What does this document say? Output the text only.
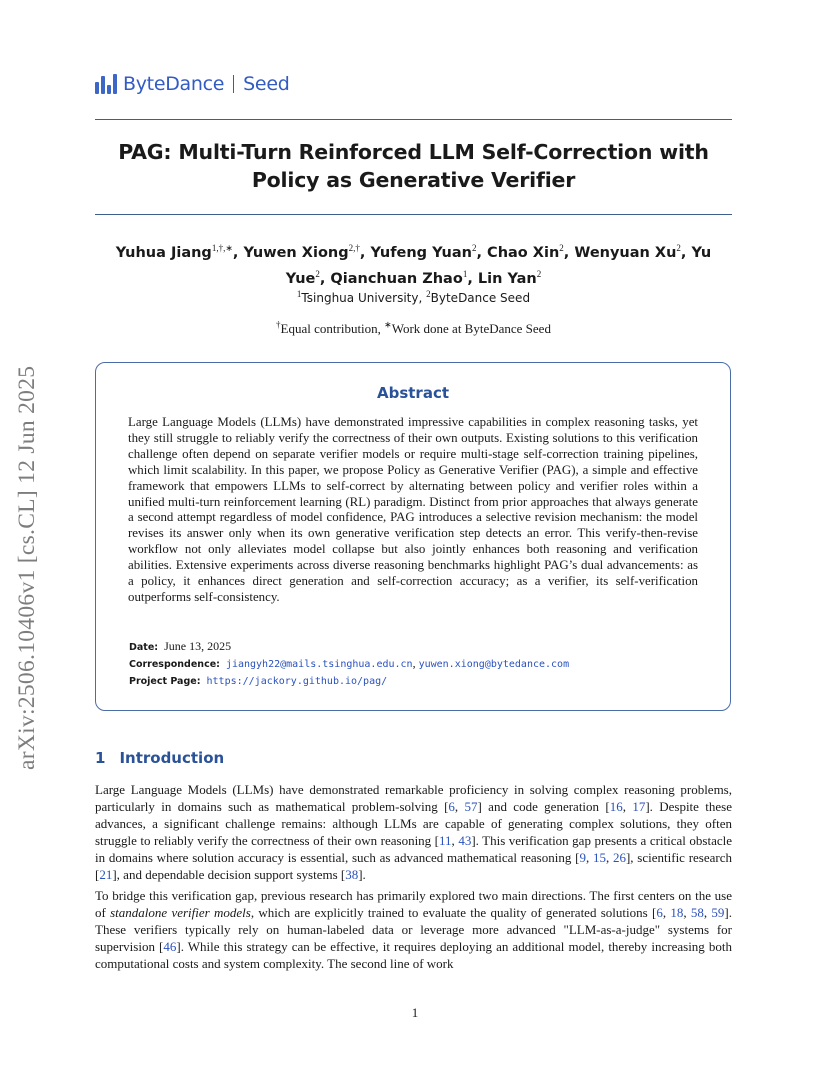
ByteDance Seed
PAG: Multi-Turn Reinforced LLM Self-Correction with
Policy as Generative Verifier
Yuhua Jiang$^{1,\dagger,∗}$, Yuwen Xiong$^{2,\dagger}$, Yufeng Yuan$^2$, Chao Xin$^2$, Wenyuan Xu$^2$, Yu Yue$^2$, Qianchuan Zhao$^1$, Lin Yan$^2$
$^1$Tsinghua University, $^2$ByteDance Seed
†Equal contribution, ∗Work done at ByteDance Seed
Abstract
Large Language Models (LLMs) have demonstrated impressive capabilities in complex reasoning tasks, yet they still struggle to reliably verify the correctness of their own outputs. Existing solutions to this verification challenge often depend on separate verifier models or require multi-stage self-correction training pipelines, which limit scalability. In this paper, we propose Policy as Generative Verifier (PAG), a simple and effective framework that empowers LLMs to self-correct by alternating between policy and verifier roles within a unified multi-turn reinforcement learning (RL) paradigm. Distinct from prior approaches that always generate a second attempt regardless of model confidence, PAG introduces a selective revision mechanism: the model revises its answer only when its own generative verification step detects an error. This verify-then-revise workflow not only alleviates model collapse but also jointly enhances both reasoning and verification abilities. Extensive experiments across diverse reasoning benchmarks highlight PAG’s dual advancements: as a policy, it enhances direct generation and self-correction accuracy; as a verifier, its self-verification outperforms self-consistency.
Date: June 13, 2025
Correspondence: jiangyh22@mails.tsinghua.edu.cn, yuwen.xiong@bytedance.com
Project Page: https://jackory.github.io/pag/
arXiv:2506.10406v1 [cs.CL] 12 Jun 2025	1 Introduction
Large Language Models (LLMs) have demonstrated remarkable proficiency in solving complex reasoning problems, particularly in domains such as mathematical problem-solving [6, 57] and code generation [16, 17]. Despite these advances, a significant challenge remains: although LLMs are capable of generating complex solutions, they often struggle to reliably verify the correctness of their own reasoning [11, 43]. This verification gap presents a critical obstacle in domains where solution accuracy is essential, such as advanced mathematical reasoning [9, 15, 26], scientific research [21], and dependable decision support systems [38].
To bridge this verification gap, previous research has primarily explored two main directions. The first centers on the use of standalone verifier models, which are explicitly trained to evaluate the quality of generated solutions [6, 18, 58, 59]. These verifiers typically rely on human-labeled data or leverage more advanced "LLM-as-a-judge" systems for supervision [46]. While this strategy can be effective, it requires deploying an additional model, thereby increasing both computational costs and system complexity. The second line of work
1
